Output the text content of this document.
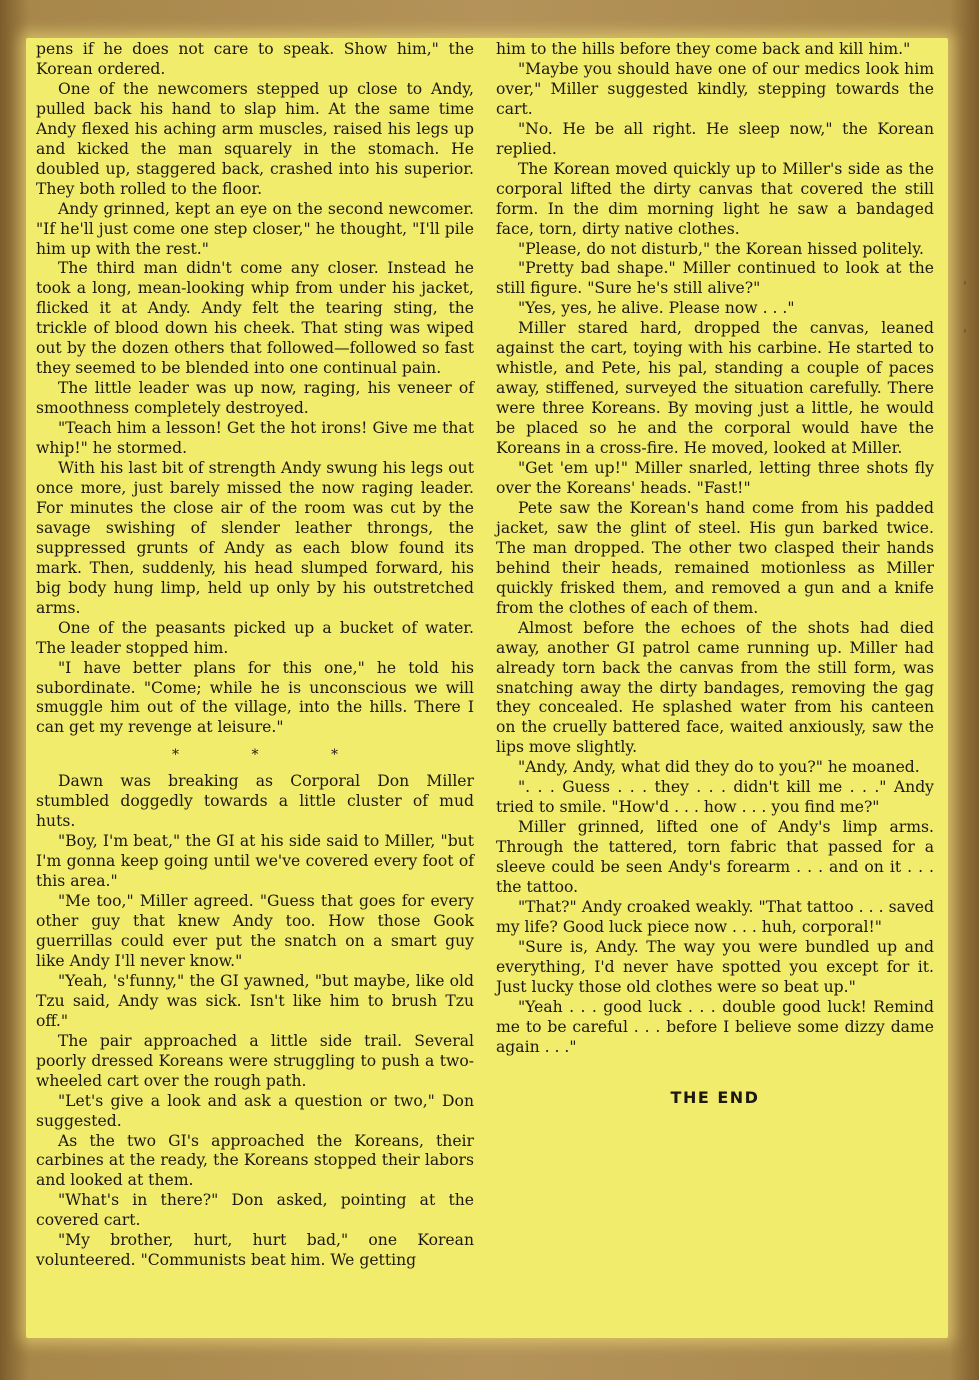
pens if he does not care to speak. Show him," the Korean ordered.

One of the newcomers stepped up close to Andy, pulled back his hand to slap him. At the same time Andy flexed his aching arm muscles, raised his legs up and kicked the man squarely in the stomach. He doubled up, staggered back, crashed into his superior. They both rolled to the floor.

Andy grinned, kept an eye on the second newcomer. "If he'll just come one step closer," he thought, "I'll pile him up with the rest."

The third man didn't come any closer. Instead he took a long, mean-looking whip from under his jacket, flicked it at Andy. Andy felt the tearing sting, the trickle of blood down his cheek. That sting was wiped out by the dozen others that followed—followed so fast they seemed to be blended into one continual pain.

The little leader was up now, raging, his veneer of smoothness completely destroyed.

"Teach him a lesson! Get the hot irons! Give me that whip!" he stormed.

With his last bit of strength Andy swung his legs out once more, just barely missed the now raging leader. For minutes the close air of the room was cut by the savage swishing of slender leather throngs, the suppressed grunts of Andy as each blow found its mark. Then, suddenly, his head slumped forward, his big body hung limp, held up only by his outstretched arms.

One of the peasants picked up a bucket of water. The leader stopped him.

"I have better plans for this one," he told his subordinate. "Come; while he is unconscious we will smuggle him out of the village, into the hills. There I can get my revenge at leisure."

* * *

Dawn was breaking as Corporal Don Miller stumbled doggedly towards a little cluster of mud huts.

"Boy, I'm beat," the GI at his side said to Miller, "but I'm gonna keep going until we've covered every foot of this area."

"Me too," Miller agreed. "Guess that goes for every other guy that knew Andy too. How those Gook guerrillas could ever put the snatch on a smart guy like Andy I'll never know."

"Yeah, 's'funny," the GI yawned, "but maybe, like old Tzu said, Andy was sick. Isn't like him to brush Tzu off."

The pair approached a little side trail. Several poorly dressed Koreans were struggling to push a two-wheeled cart over the rough path.

"Let's give a look and ask a question or two," Don suggested.

As the two GI's approached the Koreans, their carbines at the ready, the Koreans stopped their labors and looked at them.

"What's in there?" Don asked, pointing at the covered cart.

"My brother, hurt, hurt bad," one Korean volunteered. "Communists beat him. We getting

him to the hills before they come back and kill him."

"Maybe you should have one of our medics look him over," Miller suggested kindly, stepping towards the cart.

"No. He be all right. He sleep now," the Korean replied.

The Korean moved quickly up to Miller's side as the corporal lifted the dirty canvas that covered the still form. In the dim morning light he saw a bandaged face, torn, dirty native clothes.

"Please, do not disturb," the Korean hissed politely.

"Pretty bad shape." Miller continued to look at the still figure. "Sure he's still alive?"

"Yes, yes, he alive. Please now . . ."

Miller stared hard, dropped the canvas, leaned against the cart, toying with his carbine. He started to whistle, and Pete, his pal, standing a couple of paces away, stiffened, surveyed the situation carefully. There were three Koreans. By moving just a little, he would be placed so he and the corporal would have the Koreans in a cross-fire. He moved, looked at Miller.

"Get 'em up!" Miller snarled, letting three shots fly over the Koreans' heads. "Fast!"

Pete saw the Korean's hand come from his padded jacket, saw the glint of steel. His gun barked twice. The man dropped. The other two clasped their hands behind their heads, remained motionless as Miller quickly frisked them, and removed a gun and a knife from the clothes of each of them.

Almost before the echoes of the shots had died away, another GI patrol came running up. Miller had already torn back the canvas from the still form, was snatching away the dirty bandages, removing the gag they concealed. He splashed water from his canteen on the cruelly battered face, waited anxiously, saw the lips move slightly.

"Andy, Andy, what did they do to you?" he moaned.

". . . Guess . . . they . . . didn't kill me . . ." Andy tried to smile. "How'd . . . how . . . you find me?"

Miller grinned, lifted one of Andy's limp arms. Through the tattered, torn fabric that passed for a sleeve could be seen Andy's forearm . . . and on it . . . the tattoo.

"That?" Andy croaked weakly. "That tattoo . . . saved my life? Good luck piece now . . . huh, corporal!"

"Sure is, Andy. The way you were bundled up and everything, I'd never have spotted you except for it. Just lucky those old clothes were so beat up."

"Yeah . . . good luck . . . double good luck! Remind me to be careful . . . before I believe some dizzy dame again . . ."

THE END
ˈ
ˈ
